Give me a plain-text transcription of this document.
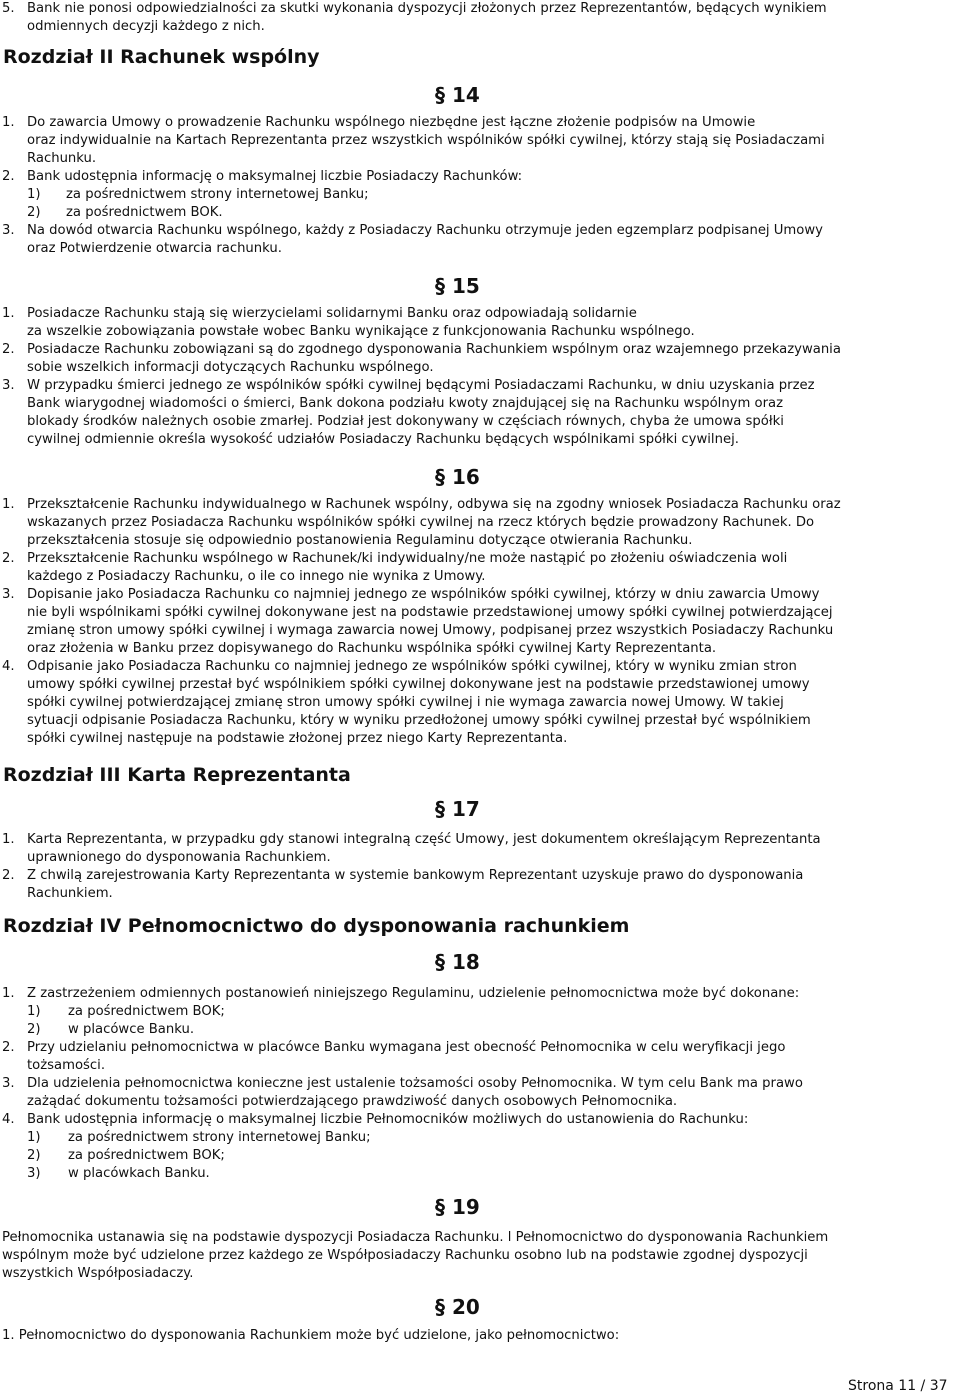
5. Bank nie ponosi odpowiedzialności za skutki wykonania dyspozycji złożonych przez Reprezentantów, będących wynikiem
odmiennych decyzji każdego z nich.
Rozdział II Rachunek wspólny
§ 14
1. Do zawarcia Umowy o prowadzenie Rachunku wspólnego niezbędne jest łączne złożenie podpisów na Umowie
oraz indywidualnie na Kartach Reprezentanta przez wszystkich wspólników spółki cywilnej, którzy stają się Posiadaczami
Rachunku.
2. Bank udostępnia informację o maksymalnej liczbie Posiadaczy Rachunków:
1) za pośrednictwem strony internetowej Banku;
2) za pośrednictwem BOK.
3. Na dowód otwarcia Rachunku wspólnego, każdy z Posiadaczy Rachunku otrzymuje jeden egzemplarz podpisanej Umowy
oraz Potwierdzenie otwarcia rachunku.
§ 15
1. Posiadacze Rachunku stają się wierzycielami solidarnymi Banku oraz odpowiadają solidarnie
za wszelkie zobowiązania powstałe wobec Banku wynikające z funkcjonowania Rachunku wspólnego.
2. Posiadacze Rachunku zobowiązani są do zgodnego dysponowania Rachunkiem wspólnym oraz wzajemnego przekazywania
sobie wszelkich informacji dotyczących Rachunku wspólnego.
3. W przypadku śmierci jednego ze wspólników spółki cywilnej będącymi Posiadaczami Rachunku, w dniu uzyskania przez
Bank wiarygodnej wiadomości o śmierci, Bank dokona podziału kwoty znajdującej się na Rachunku wspólnym oraz
blokady środków należnych osobie zmarłej. Podział jest dokonywany w częściach równych, chyba że umowa spółki
cywilnej odmiennie określa wysokość udziałów Posiadaczy Rachunku będących wspólnikami spółki cywilnej.
§ 16
1. Przekształcenie Rachunku indywidualnego w Rachunek wspólny, odbywa się na zgodny wniosek Posiadacza Rachunku oraz
wskazanych przez Posiadacza Rachunku wspólników spółki cywilnej na rzecz których będzie prowadzony Rachunek. Do
przekształcenia stosuje się odpowiednio postanowienia Regulaminu dotyczące otwierania Rachunku.
2. Przekształcenie Rachunku wspólnego w Rachunek/ki indywidualny/ne może nastąpić po złożeniu oświadczenia woli
każdego z Posiadaczy Rachunku, o ile co innego nie wynika z Umowy.
3. Dopisanie jako Posiadacza Rachunku co najmniej jednego ze wspólników spółki cywilnej, którzy w dniu zawarcia Umowy
nie byli wspólnikami spółki cywilnej dokonywane jest na podstawie przedstawionej umowy spółki cywilnej potwierdzającej
zmianę stron umowy spółki cywilnej i wymaga zawarcia nowej Umowy, podpisanej przez wszystkich Posiadaczy Rachunku
oraz złożenia w Banku przez dopisywanego do Rachunku wspólnika spółki cywilnej Karty Reprezentanta.
4. Odpisanie jako Posiadacza Rachunku co najmniej jednego ze wspólników spółki cywilnej, który w wyniku zmian stron
umowy spółki cywilnej przestał być wspólnikiem spółki cywilnej dokonywane jest na podstawie przedstawionej umowy
spółki cywilnej potwierdzającej zmianę stron umowy spółki cywilnej i nie wymaga zawarcia nowej Umowy. W takiej
sytuacji odpisanie Posiadacza Rachunku, który w wyniku przedłożonej umowy spółki cywilnej przestał być wspólnikiem
spółki cywilnej następuje na podstawie złożonej przez niego Karty Reprezentanta.
Rozdział III Karta Reprezentanta
§ 17
1. Karta Reprezentanta, w przypadku gdy stanowi integralną część Umowy, jest dokumentem określającym Reprezentanta
uprawnionego do dysponowania Rachunkiem.
2. Z chwilą zarejestrowania Karty Reprezentanta w systemie bankowym Reprezentant uzyskuje prawo do dysponowania
Rachunkiem.
Rozdział IV Pełnomocnictwo do dysponowania rachunkiem
§ 18
1. Z zastrzeżeniem odmiennych postanowień niniejszego Regulaminu, udzielenie pełnomocnictwa może być dokonane:
1) za pośrednictwem BOK;
2) w placówce Banku.
2. Przy udzielaniu pełnomocnictwa w placówce Banku wymagana jest obecność Pełnomocnika w celu weryfikacji jego
tożsamości.
3. Dla udzielenia pełnomocnictwa konieczne jest ustalenie tożsamości osoby Pełnomocnika. W tym celu Bank ma prawo
zażądać dokumentu tożsamości potwierdzającego prawdziwość danych osobowych Pełnomocnika.
4. Bank udostępnia informację o maksymalnej liczbie Pełnomocników możliwych do ustanowienia do Rachunku:
1) za pośrednictwem strony internetowej Banku;
2) za pośrednictwem BOK;
3) w placówkach Banku.
§ 19
Pełnomocnika ustanawia się na podstawie dyspozycji Posiadacza Rachunku. l Pełnomocnictwo do dysponowania Rachunkiem
wspólnym może być udzielone przez każdego ze Współposiadaczy Rachunku osobno lub na podstawie zgodnej dyspozycji
wszystkich Współposiadaczy.
§ 20
1. Pełnomocnictwo do dysponowania Rachunkiem może być udzielone, jako pełnomocnictwo:
Strona 11 / 37
